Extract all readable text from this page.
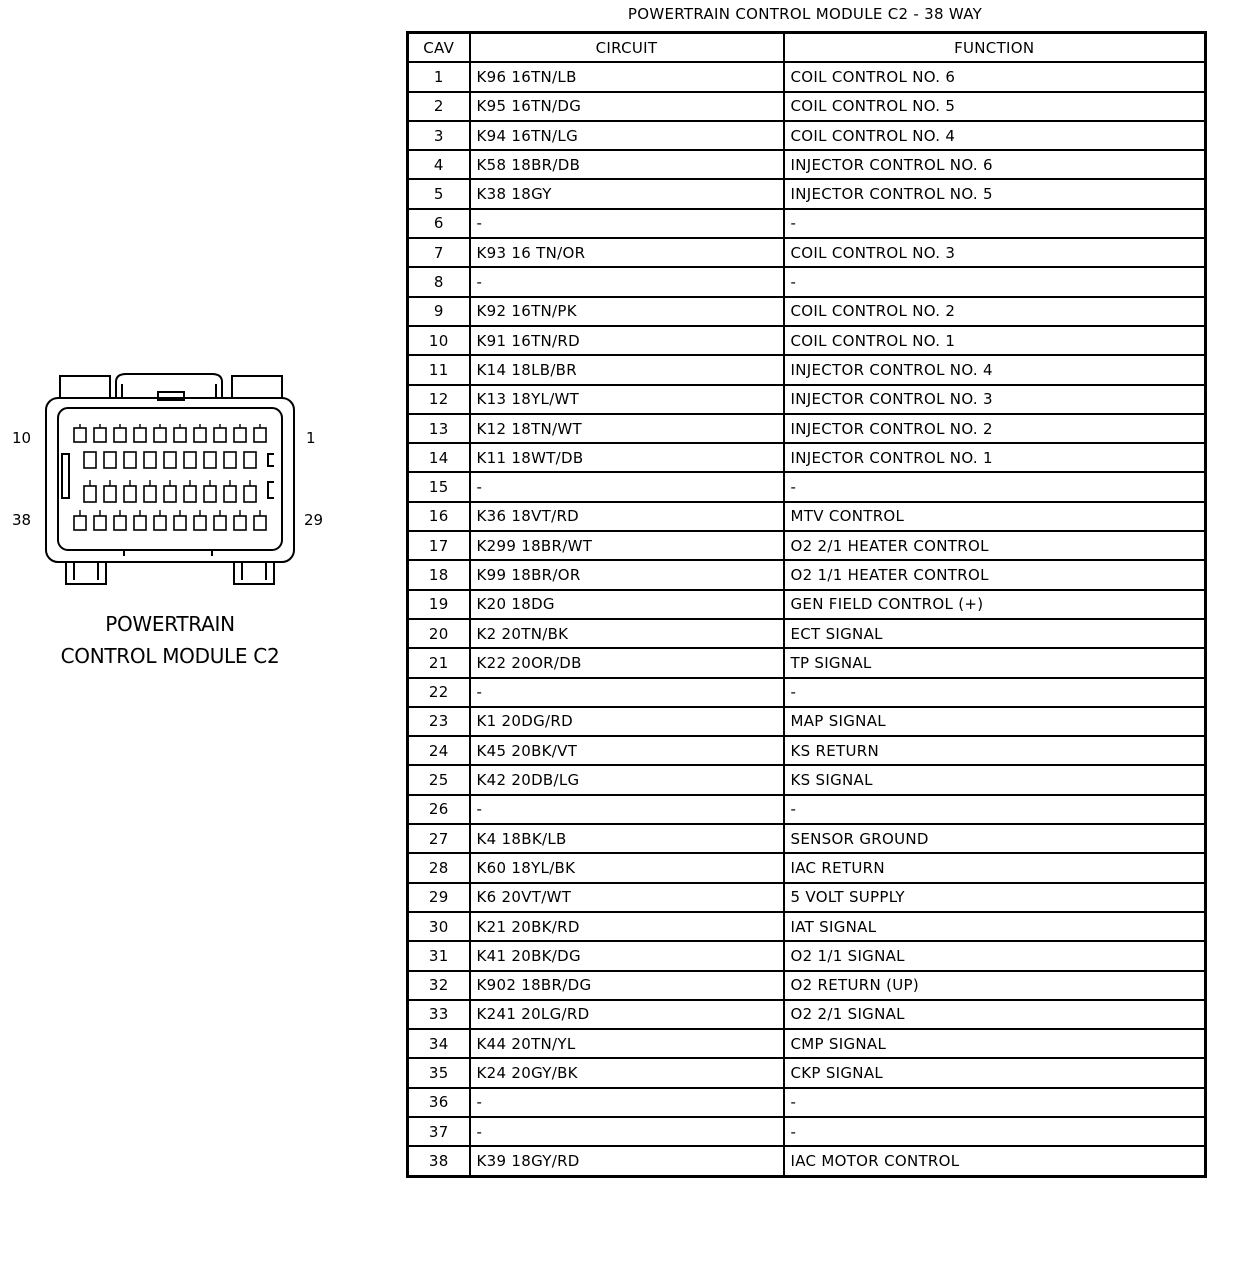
10	1
38	29
POWERTRAIN
CONTROL MODULE C2
POWERTRAIN CONTROL MODULE C2 - 38 WAY
CAV	CIRCUIT	FUNCTION
1	K96 16TN/LB	COIL CONTROL NO. 6
2	K95 16TN/DG	COIL CONTROL NO. 5
3	K94 16TN/LG	COIL CONTROL NO. 4
4	K58 18BR/DB	INJECTOR CONTROL NO. 6
5	K38 18GY	INJECTOR CONTROL NO. 5
6	-	-
7	K93 16 TN/OR	COIL CONTROL NO. 3
8	-	-
9	K92 16TN/PK	COIL CONTROL NO. 2
10	K91 16TN/RD	COIL CONTROL NO. 1
11	K14 18LB/BR	INJECTOR CONTROL NO. 4
12	K13 18YL/WT	INJECTOR CONTROL NO. 3
13	K12 18TN/WT	INJECTOR CONTROL NO. 2
14	K11 18WT/DB	INJECTOR CONTROL NO. 1
15	-	-
16	K36 18VT/RD	MTV CONTROL
17	K299 18BR/WT	O2 2/1 HEATER CONTROL
18	K99 18BR/OR	O2 1/1 HEATER CONTROL
19	K20 18DG	GEN FIELD CONTROL (+)
20	K2 20TN/BK	ECT SIGNAL
21	K22 20OR/DB	TP SIGNAL
22	-	-
23	K1 20DG/RD	MAP SIGNAL
24	K45 20BK/VT	KS RETURN
25	K42 20DB/LG	KS SIGNAL
26	-	-
27	K4 18BK/LB	SENSOR GROUND
28	K60 18YL/BK	IAC RETURN
29	K6 20VT/WT	5 VOLT SUPPLY
30	K21 20BK/RD	IAT SIGNAL
31	K41 20BK/DG	O2 1/1 SIGNAL
32	K902 18BR/DG	O2 RETURN (UP)
33	K241 20LG/RD	O2 2/1 SIGNAL
34	K44 20TN/YL	CMP SIGNAL
35	K24 20GY/BK	CKP SIGNAL
36	-	-
37	-	-
38	K39 18GY/RD	IAC MOTOR CONTROL
